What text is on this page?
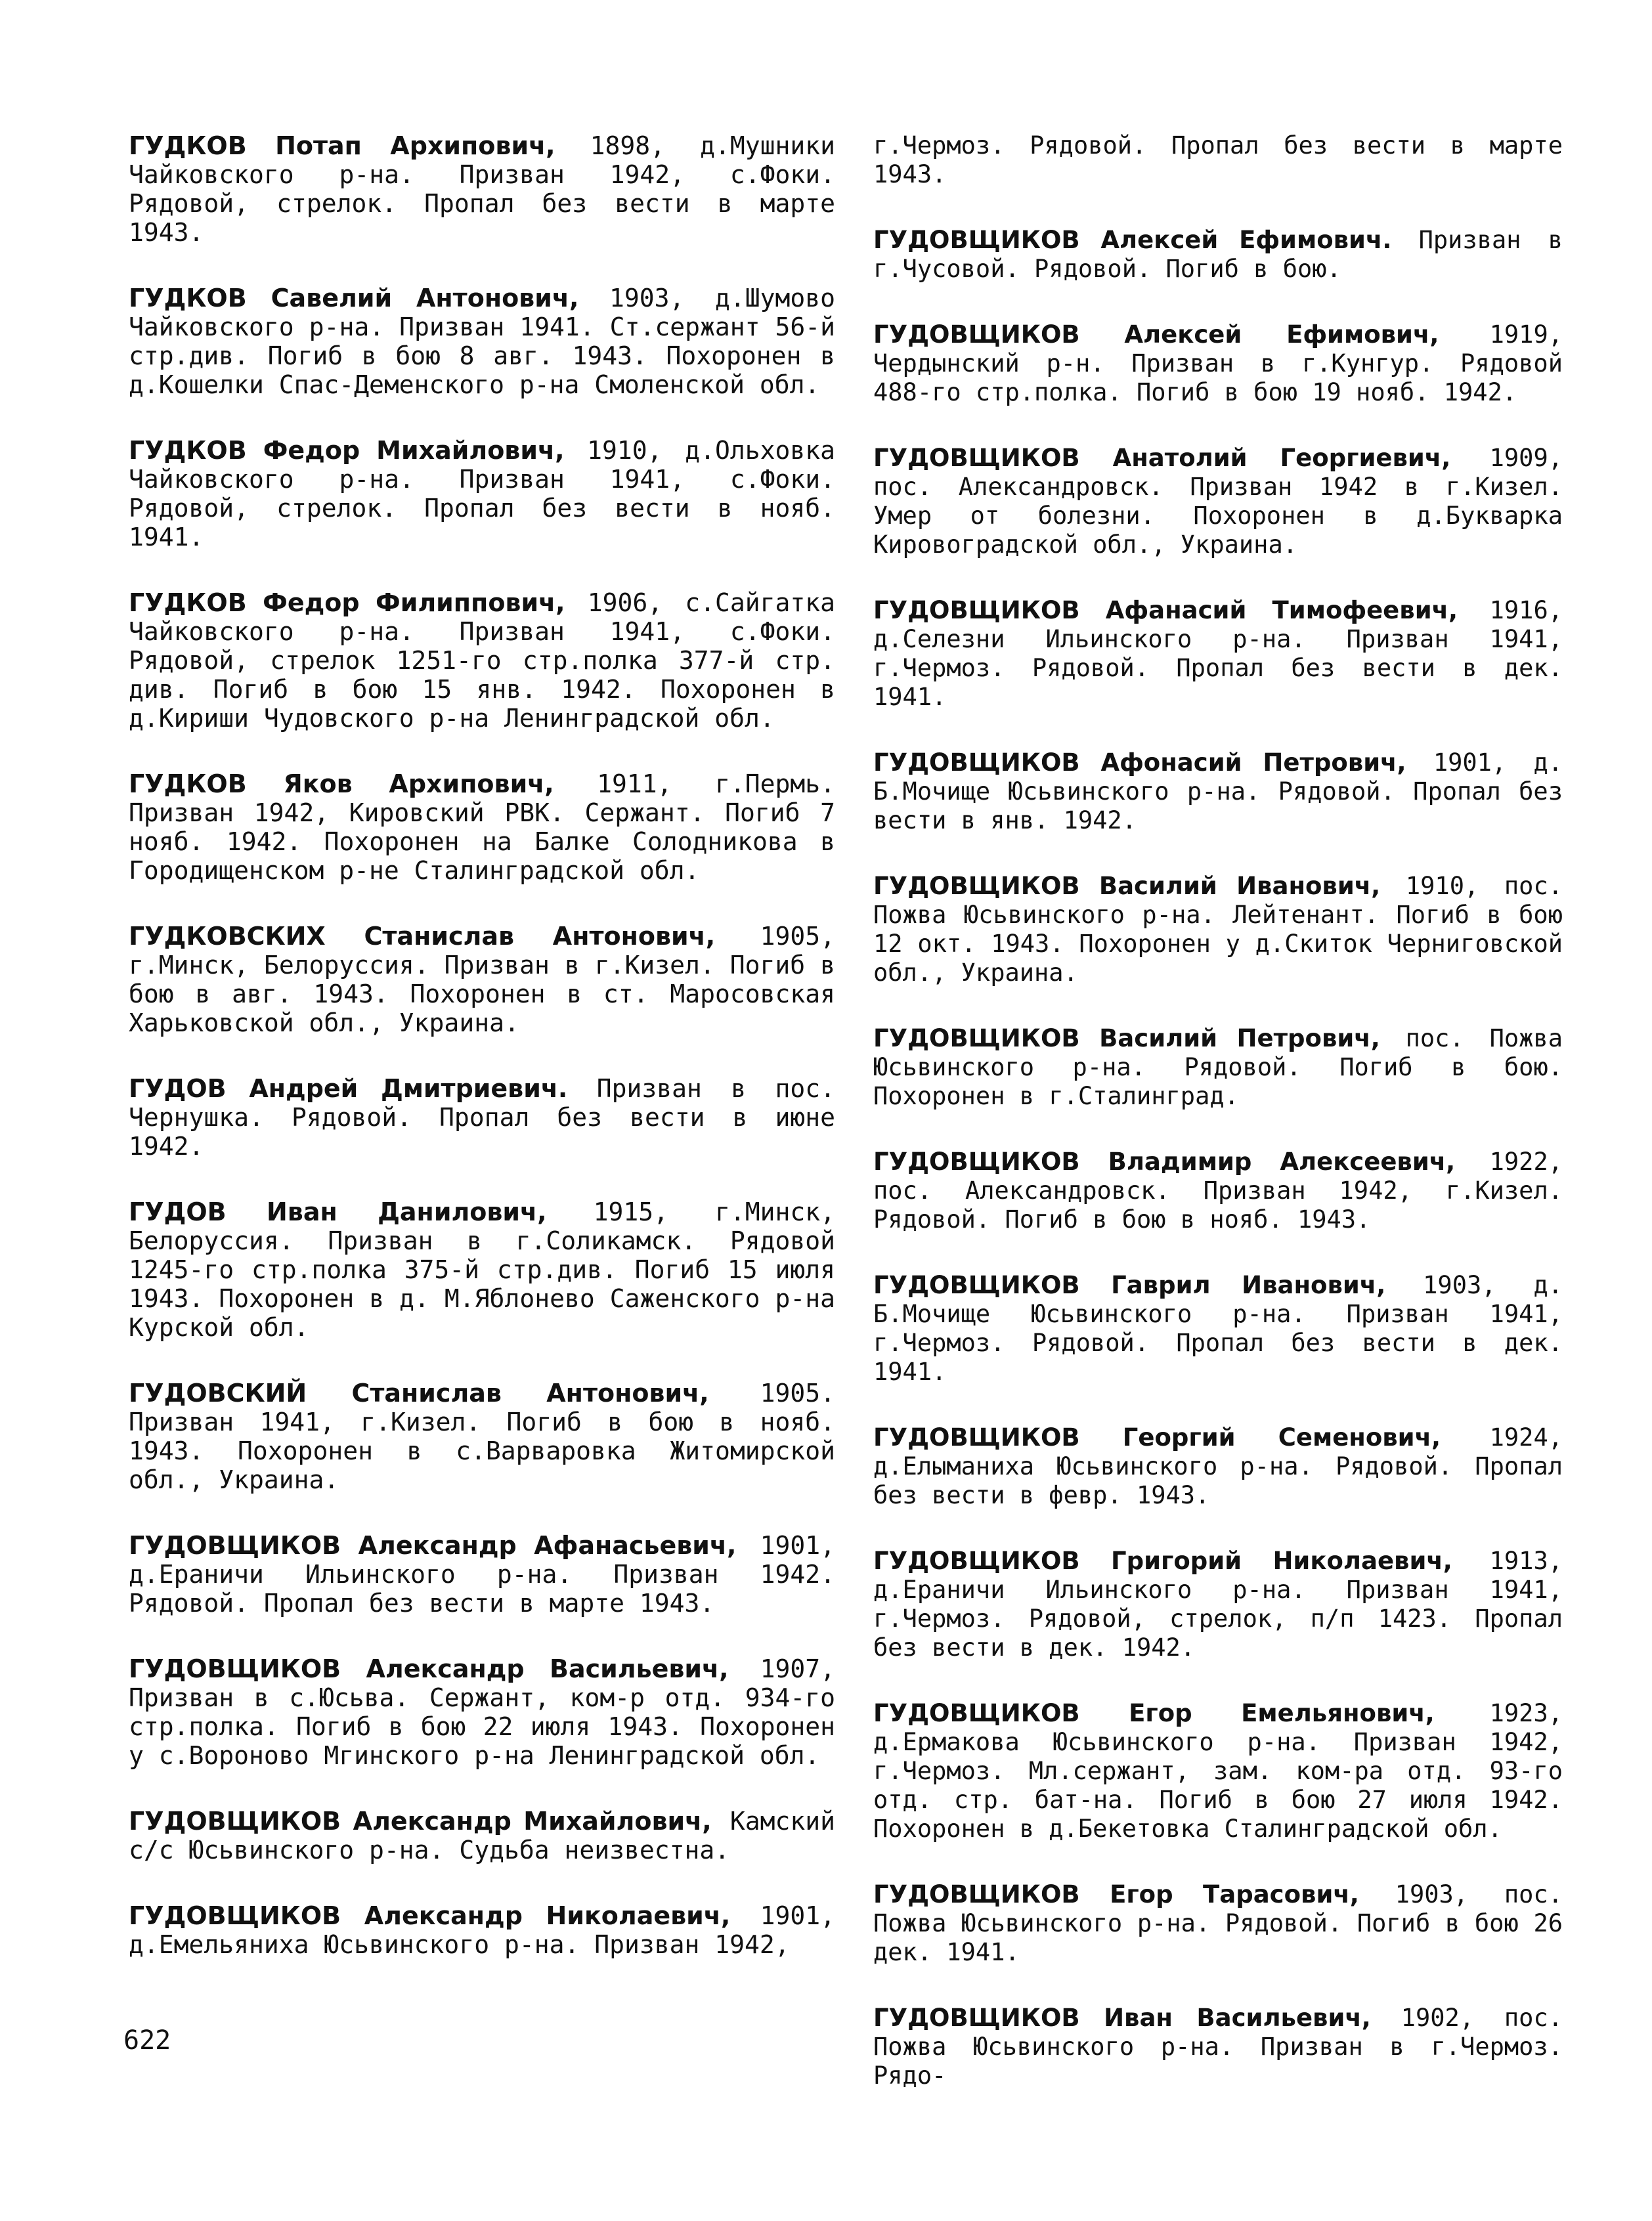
ГУДКОВ Потап Архипович, 1898, д.Мушники Чайковского р-на. Призван 1942, с.Фоки. Рядовой, стрелок. Пропал без вести в марте 1943.

ГУДКОВ Савелий Антонович, 1903, д.Шумово Чайковского р-на. Призван 1941. Ст.сержант 56-й стр.див. Погиб в бою 8 авг. 1943. Похоронен в д.Кошелки Спас-Деменского р-на Смоленской обл.

ГУДКОВ Федор Михайлович, 1910, д.Ольховка Чайковского р-на. Призван 1941, с.Фоки. Рядовой, стрелок. Пропал без вести в нояб. 1941.

ГУДКОВ Федор Филиппович, 1906, с.Сайгатка Чайковского р-на. Призван 1941, с.Фоки. Рядовой, стрелок 1251-го стр.полка 377-й стр. див. Погиб в бою 15 янв. 1942. Похоронен в д.Кириши Чудовского р-на Ленинградской обл.

ГУДКОВ Яков Архипович, 1911, г.Пермь. Призван 1942, Кировский РВК. Сержант. Погиб 7 нояб. 1942. Похоронен на Балке Солодникова в Городищенском р-не Сталинградской обл.

ГУДКОВСКИХ Станислав Антонович, 1905, г.Минск, Белоруссия. Призван в г.Кизел. Погиб в бою в авг. 1943. Похоронен в ст. Маросовская Харьковской обл., Украина.

ГУДОВ Андрей Дмитриевич. Призван в пос. Чернушка. Рядовой. Пропал без вести в июне 1942.

ГУДОВ Иван Данилович, 1915, г.Минск, Белоруссия. Призван в г.Соликамск. Рядовой 1245-го стр.полка 375-й стр.див. Погиб 15 июля 1943. Похоронен в д. М.Яблонево Саженского р-на Курской обл.

ГУДОВСКИЙ Станислав Антонович, 1905. Призван 1941, г.Кизел. Погиб в бою в нояб. 1943. Похоронен в с.Варваровка Житомирской обл., Украина.

ГУДОВЩИКОВ Александр Афанасьевич, 1901, д.Ераничи Ильинского р-на. Призван 1942. Рядовой. Пропал без вести в марте 1943.

ГУДОВЩИКОВ Александр Васильевич, 1907, Призван в с.Юсьва. Сержант, ком-р отд. 934-го стр.полка. Погиб в бою 22 июля 1943. Похоронен у с.Вороново Мгинского р-на Ленинградской обл.

ГУДОВЩИКОВ Александр Михайлович, Камский с/с Юсьвинского р-на. Судьба неизвестна.

ГУДОВЩИКОВ Александр Николаевич, 1901, д.Емельяниха Юсьвинского р-на. Призван 1942,

г.Чермоз. Рядовой. Пропал без вести в марте 1943.

ГУДОВЩИКОВ Алексей Ефимович. Призван в г.Чусовой. Рядовой. Погиб в бою.

ГУДОВЩИКОВ Алексей Ефимович, 1919, Чердынский р-н. Призван в г.Кунгур. Рядовой 488-го стр.полка. Погиб в бою 19 нояб. 1942.

ГУДОВЩИКОВ Анатолий Георгиевич, 1909, пос. Александровск. Призван 1942 в г.Кизел. Умер от болезни. Похоронен в д.Букварка Кировоградской обл., Украина.

ГУДОВЩИКОВ Афанасий Тимофеевич, 1916, д.Селезни Ильинского р-на. Призван 1941, г.Чермоз. Рядовой. Пропал без вести в дек. 1941.

ГУДОВЩИКОВ Афонасий Петрович, 1901, д. Б.Мочище Юсьвинского р-на. Рядовой. Пропал без вести в янв. 1942.

ГУДОВЩИКОВ Василий Иванович, 1910, пос. Пожва Юсьвинского р-на. Лейтенант. Погиб в бою 12 окт. 1943. Похоронен у д.Скиток Черниговской обл., Украина.

ГУДОВЩИКОВ Василий Петрович, пос. Пожва Юсьвинского р-на. Рядовой. Погиб в бою. Похоронен в г.Сталинград.

ГУДОВЩИКОВ Владимир Алексеевич, 1922, пос. Александровск. Призван 1942, г.Кизел. Рядовой. Погиб в бою в нояб. 1943.

ГУДОВЩИКОВ Гаврил Иванович, 1903, д. Б.Мочище Юсьвинского р-на. Призван 1941, г.Чермоз. Рядовой. Пропал без вести в дек. 1941.

ГУДОВЩИКОВ Георгий Семенович, 1924, д.Елыманиха Юсьвинского р-на. Рядовой. Пропал без вести в февр. 1943.

ГУДОВЩИКОВ Григорий Николаевич, 1913, д.Ераничи Ильинского р-на. Призван 1941, г.Чермоз. Рядовой, стрелок, п/п 1423. Пропал без вести в дек. 1942.

ГУДОВЩИКОВ Егор Емельянович, 1923, д.Ермакова Юсьвинского р-на. Призван 1942, г.Чермоз. Мл.сержант, зам. ком-ра отд. 93-го отд. стр. бат-на. Погиб в бою 27 июля 1942. Похоронен в д.Бекетовка Сталинградской обл.

ГУДОВЩИКОВ Егор Тарасович, 1903, пос. Пожва Юсьвинского р-на. Рядовой. Погиб в бою 26 дек. 1941.

ГУДОВЩИКОВ Иван Васильевич, 1902, пос. Пожва Юсьвинского р-на. Призван в г.Чермоз. Рядо-

622
